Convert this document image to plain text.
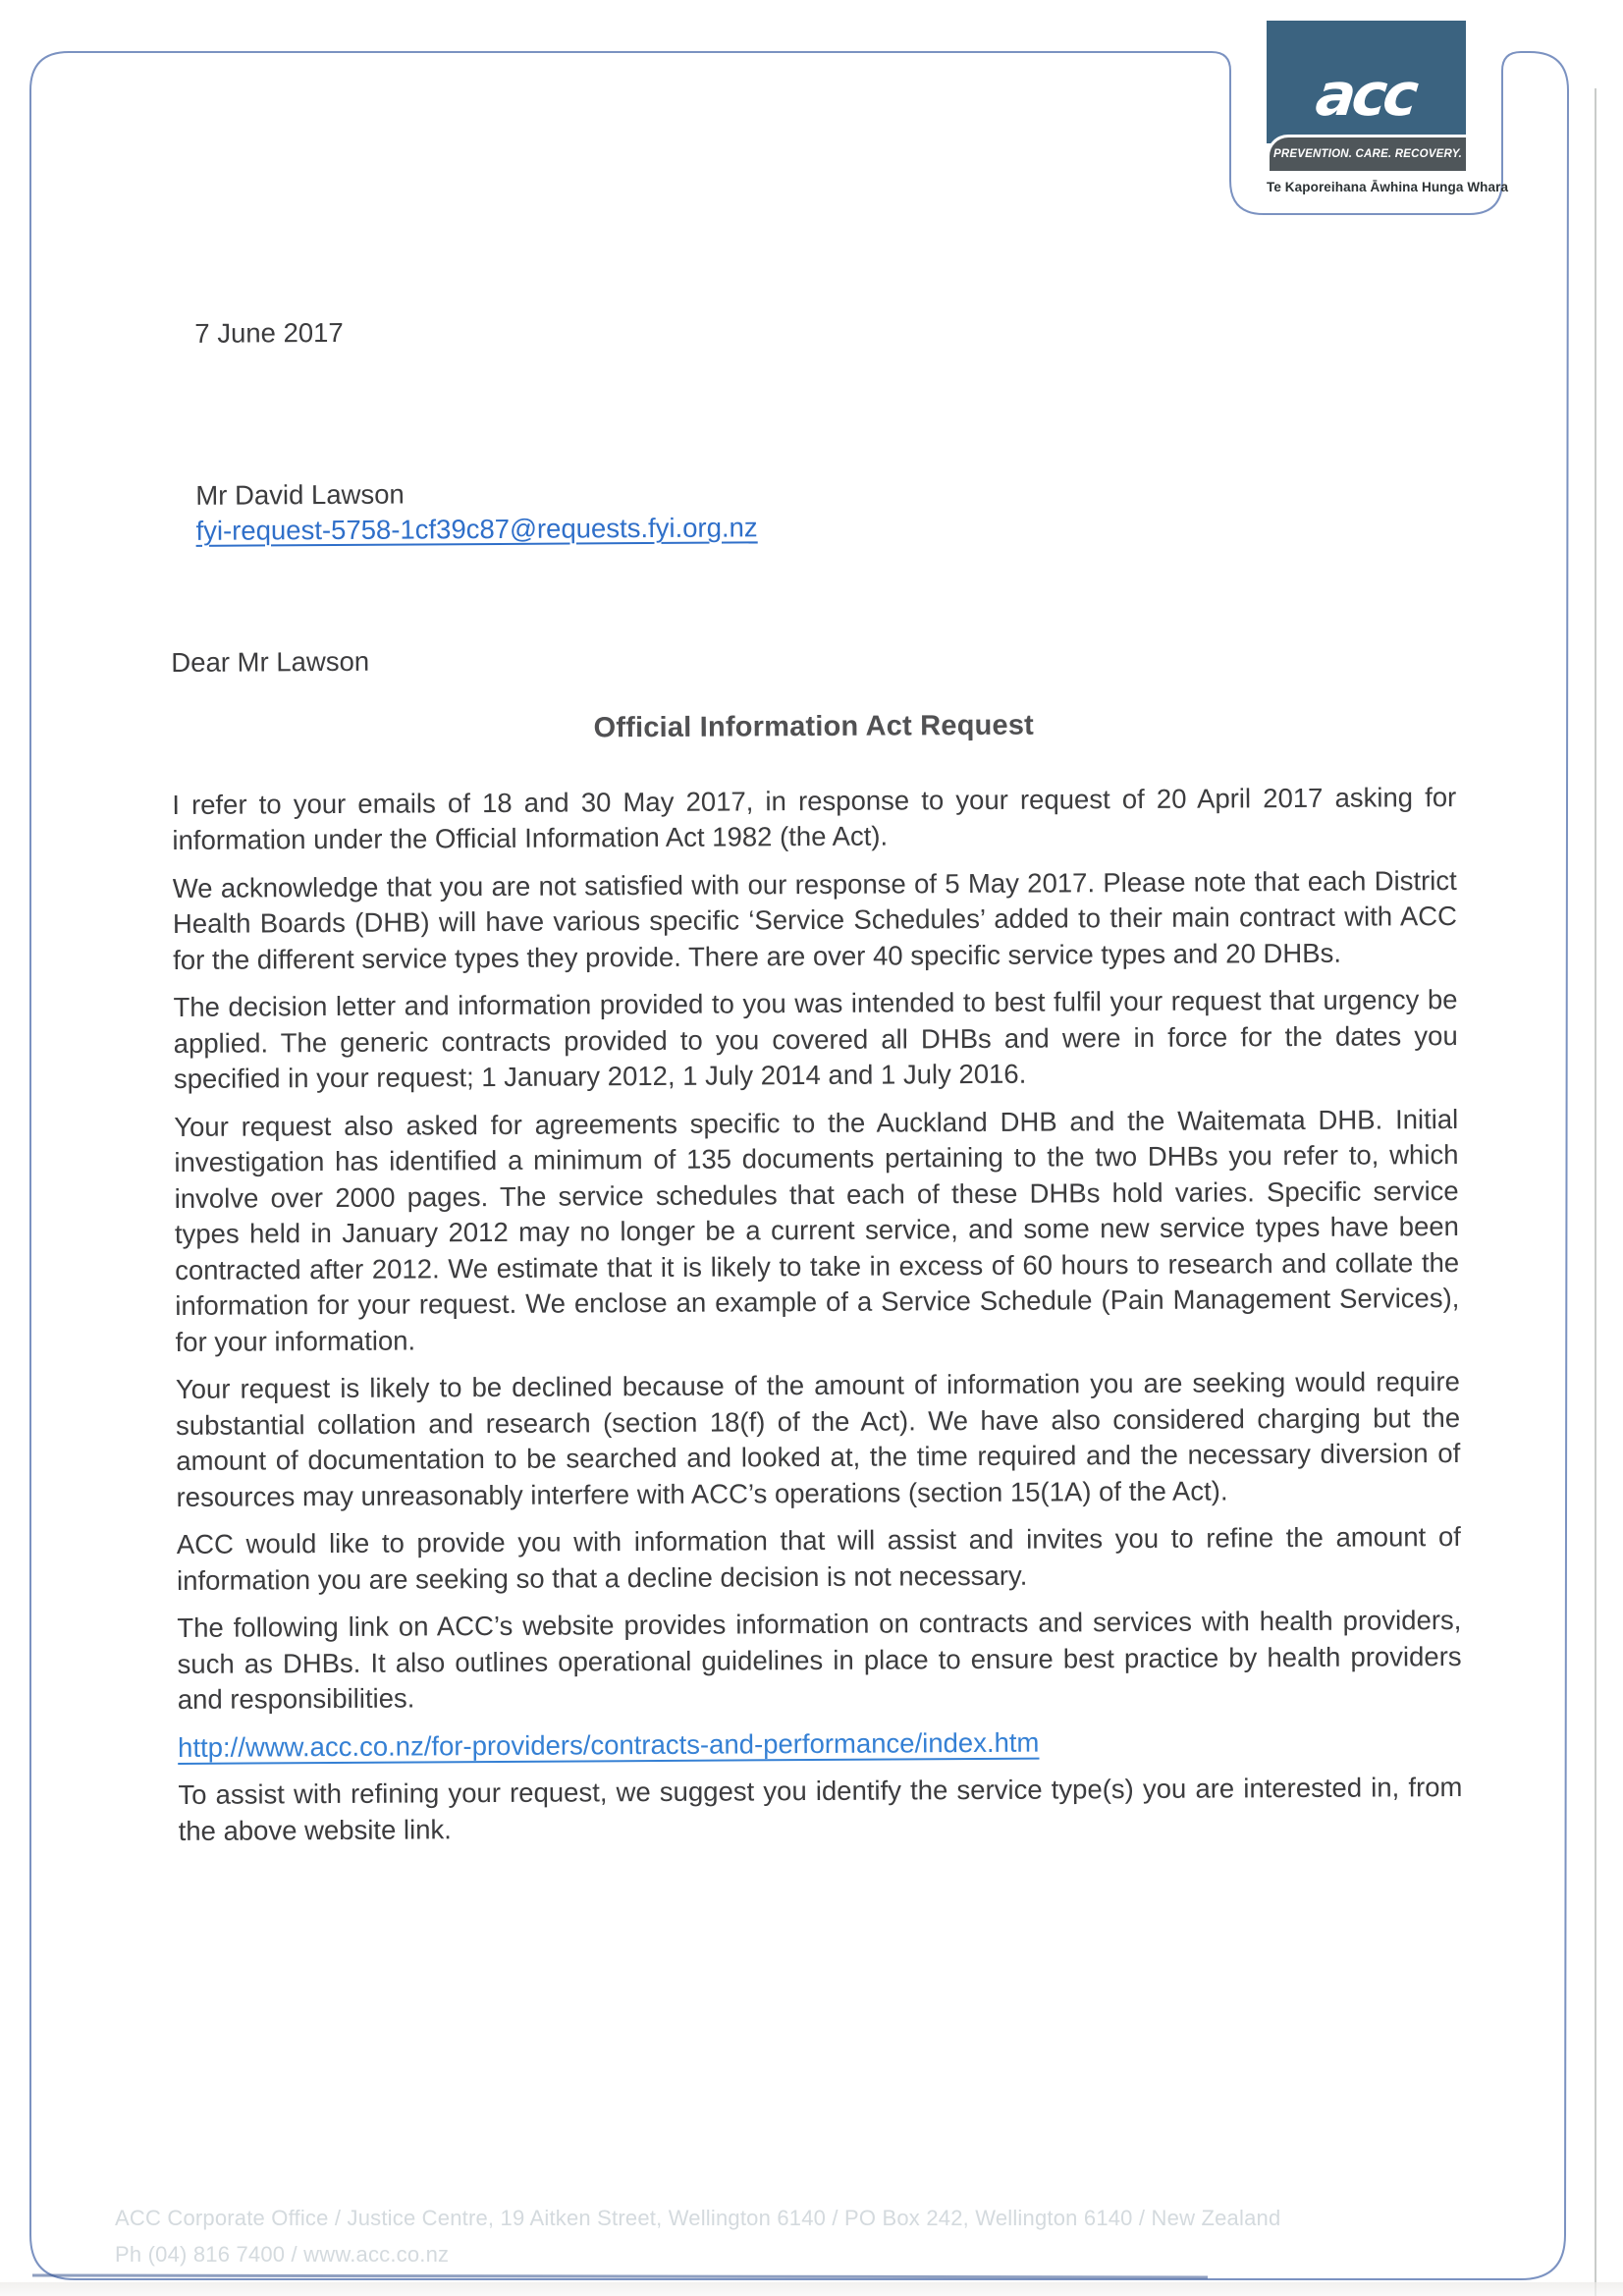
acc
PREVENTION. CARE. RECOVERY.
Te Kaporeihana Āwhina Hunga Whara
7 June 2017
Mr David Lawson
fyi-request-5758-1cf39c87@requests.fyi.org.nz
Dear Mr Lawson
Official Information Act Request

I refer to your emails of 18 and 30 May 2017, in response to your request of 20 April 2017 asking for information under the Official Information Act 1982 (the Act).

We acknowledge that you are not satisfied with our response of 5 May 2017. Please note that each District Health Boards (DHB) will have various specific ‘Service Schedules’ added to their main contract with ACC for the different service types they provide. There are over 40 specific service types and 20 DHBs.

The decision letter and information provided to you was intended to best fulfil your request that urgency be applied. The generic contracts provided to you covered all DHBs and were in force for the dates you specified in your request; 1 January 2012, 1 July 2014 and 1 July 2016.

Your request also asked for agreements specific to the Auckland DHB and the Waitemata DHB. Initial investigation has identified a minimum of 135 documents pertaining to the two DHBs you refer to, which involve over 2000 pages. The service schedules that each of these DHBs hold varies. Specific service types held in January 2012 may no longer be a current service, and some new service types have been contracted after 2012. We estimate that it is likely to take in excess of 60 hours to research and collate the information for your request. We enclose an example of a Service Schedule (Pain Management Services), for your information.

Your request is likely to be declined because of the amount of information you are seeking would require substantial collation and research (section 18(f) of the Act). We have also considered charging but the amount of documentation to be searched and looked at, the time required and the necessary diversion of resources may unreasonably interfere with ACC’s operations (section 15(1A) of the Act).

ACC would like to provide you with information that will assist and invites you to refine the amount of information you are seeking so that a decline decision is not necessary.

The following link on ACC’s website provides information on contracts and services with health providers, such as DHBs. It also outlines operational guidelines in place to ensure best practice by health providers and responsibilities.

http://www.acc.co.nz/for-providers/contracts-and-performance/index.htm

To assist with refining your request, we suggest you identify the service type(s) you are interested in, from the above website link.

ACC Corporate Office / Justice Centre, 19 Aitken Street, Wellington 6140 / PO Box 242, Wellington 6140 / New Zealand
Ph (04) 816 7400 / www.acc.co.nz
